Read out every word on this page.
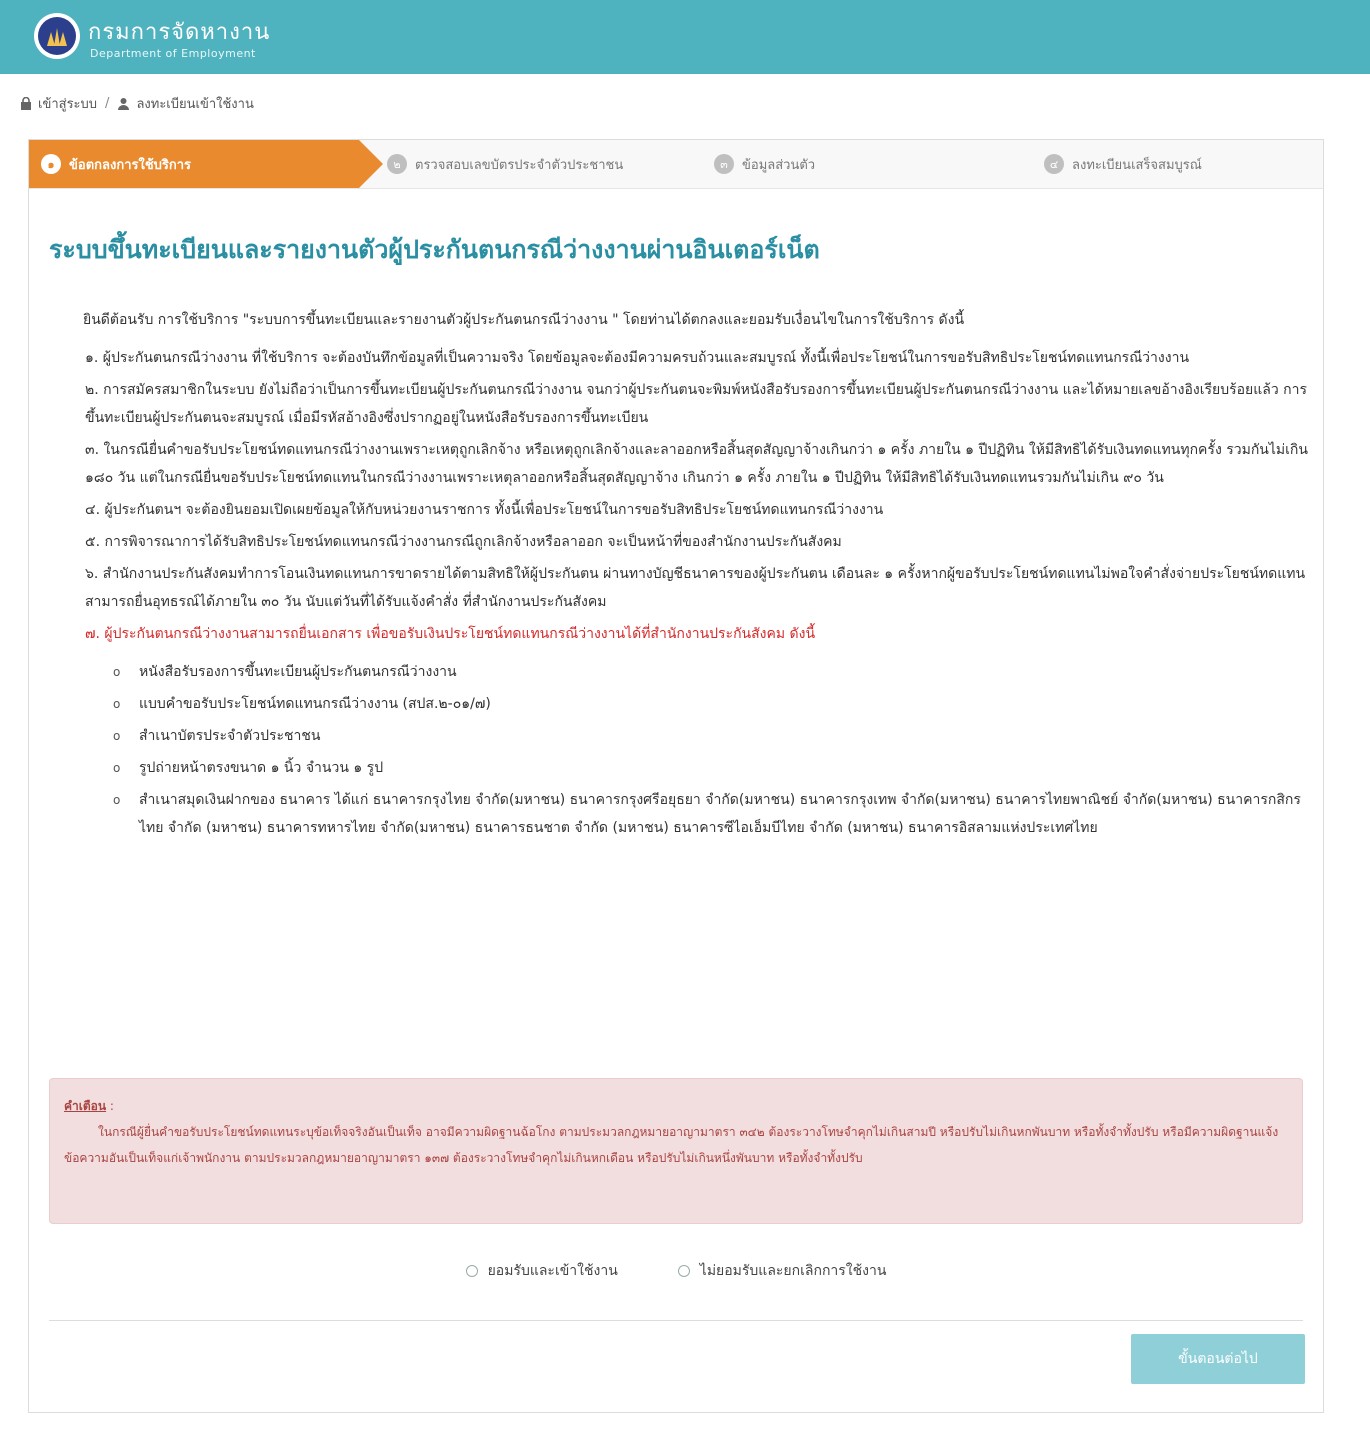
กรมการจัดหางาน
Department of Employment
เข้าสู่ระบบ / ลงทะเบียนเข้าใช้งาน
๑	ข้อตกลงการใช้บริการ	๒	ตรวจสอบเลขบัตรประจำตัวประชาชน	๓	ข้อมูลส่วนตัว	๔	ลงทะเบียนเสร็จสมบูรณ์
ระบบขึ้นทะเบียนและรายงานตัวผู้ประกันตนกรณีว่างงานผ่านอินเตอร์เน็ต
ยินดีต้อนรับ การใช้บริการ "ระบบการขึ้นทะเบียนและรายงานตัวผู้ประกันตนกรณีว่างงาน " โดยท่านได้ตกลงและยอมรับเงื่อนไขในการใช้บริการ ดังนี้
๑. ผู้ประกันตนกรณีว่างงาน ที่ใช้บริการ จะต้องบันทึกข้อมูลที่เป็นความจริง โดยข้อมูลจะต้องมีความครบถ้วนและสมบูรณ์ ทั้งนี้เพื่อประโยชน์ในการขอรับสิทธิประโยชน์ทดแทนกรณีว่างงาน
๒. การสมัครสมาชิกในระบบ ยังไม่ถือว่าเป็นการขึ้นทะเบียนผู้ประกันตนกรณีว่างงาน จนกว่าผู้ประกันตนจะพิมพ์หนังสือรับรองการขึ้นทะเบียนผู้ประกันตนกรณีว่างงาน และได้หมายเลขอ้างอิงเรียบร้อยแล้ว การขึ้นทะเบียนผู้ประกันตนจะสมบูรณ์ เมื่อมีรหัสอ้างอิงซึ่งปรากฏอยู่ในหนังสือรับรองการขึ้นทะเบียน
๓. ในกรณียื่นคำขอรับประโยชน์ทดแทนกรณีว่างงานเพราะเหตุถูกเลิกจ้าง หรือเหตุถูกเลิกจ้างและลาออกหรือสิ้นสุดสัญญาจ้างเกินกว่า ๑ ครั้ง ภายใน ๑ ปีปฏิทิน ให้มีสิทธิได้รับเงินทดแทนทุกครั้ง รวมกันไม่เกิน ๑๘๐ วัน แต่ในกรณียื่นขอรับประโยชน์ทดแทนในกรณีว่างงานเพราะเหตุลาออกหรือสิ้นสุดสัญญาจ้าง เกินกว่า ๑ ครั้ง ภายใน ๑ ปีปฏิทิน ให้มีสิทธิได้รับเงินทดแทนรวมกันไม่เกิน ๙๐ วัน
๔. ผู้ประกันตนฯ จะต้องยินยอมเปิดเผยข้อมูลให้กับหน่วยงานราชการ ทั้งนี้เพื่อประโยชน์ในการขอรับสิทธิประโยชน์ทดแทนกรณีว่างงาน
๕. การพิจารณาการได้รับสิทธิประโยชน์ทดแทนกรณีว่างงานกรณีถูกเลิกจ้างหรือลาออก จะเป็นหน้าที่ของสำนักงานประกันสังคม
๖. สำนักงานประกันสังคมทำการโอนเงินทดแทนการขาดรายได้ตามสิทธิให้ผู้ประกันตน ผ่านทางบัญชีธนาคารของผู้ประกันตน เดือนละ ๑ ครั้งหากผู้ขอรับประโยชน์ทดแทนไม่พอใจคำสั่งจ่ายประโยชน์ทดแทน สามารถยื่นอุทธรณ์ได้ภายใน ๓๐ วัน นับแต่วันที่ได้รับแจ้งคำสั่ง ที่สำนักงานประกันสังคม
๗. ผู้ประกันตนกรณีว่างงานสามารถยื่นเอกสาร เพื่อขอรับเงินประโยชน์ทดแทนกรณีว่างงานได้ที่สำนักงานประกันสังคม ดังนี้
o หนังสือรับรองการขึ้นทะเบียนผู้ประกันตนกรณีว่างงาน
o แบบคำขอรับประโยชน์ทดแทนกรณีว่างงาน (สปส.๒-๐๑/๗)
o สำเนาบัตรประจำตัวประชาชน
o รูปถ่ายหน้าตรงขนาด ๑ นิ้ว จำนวน ๑ รูป
o สำเนาสมุดเงินฝากของ ธนาคาร ได้แก่ ธนาคารกรุงไทย จำกัด(มหาชน) ธนาคารกรุงศรีอยุธยา จำกัด(มหาชน) ธนาคารกรุงเทพ จำกัด(มหาชน) ธนาคารไทยพาณิชย์ จำกัด(มหาชน) ธนาคารกสิกรไทย จำกัด (มหาชน) ธนาคารทหารไทย จำกัด(มหาชน) ธนาคารธนชาต จำกัด (มหาชน) ธนาคารซีไอเอ็มบีไทย จำกัด (มหาชน) ธนาคารอิสลามแห่งประเทศไทย
คำเตือน :
ในกรณีผู้ยื่นคำขอรับประโยชน์ทดแทนระบุข้อเท็จจริงอันเป็นเท็จ อาจมีความผิดฐานฉ้อโกง ตามประมวลกฎหมายอาญามาตรา ๓๔๒ ต้องระวางโทษจำคุกไม่เกินสามปี หรือปรับไม่เกินหกพันบาท หรือทั้งจำทั้งปรับ หรือมีความผิดฐานแจ้งข้อความอันเป็นเท็จแก่เจ้าพนักงาน ตามประมวลกฎหมายอาญามาตรา ๑๓๗ ต้องระวางโทษจำคุกไม่เกินหกเดือน หรือปรับไม่เกินหนึ่งพันบาท หรือทั้งจำทั้งปรับ
ยอมรับและเข้าใช้งาน	ไม่ยอมรับและยกเลิกการใช้งาน
ขั้นตอนต่อไป
